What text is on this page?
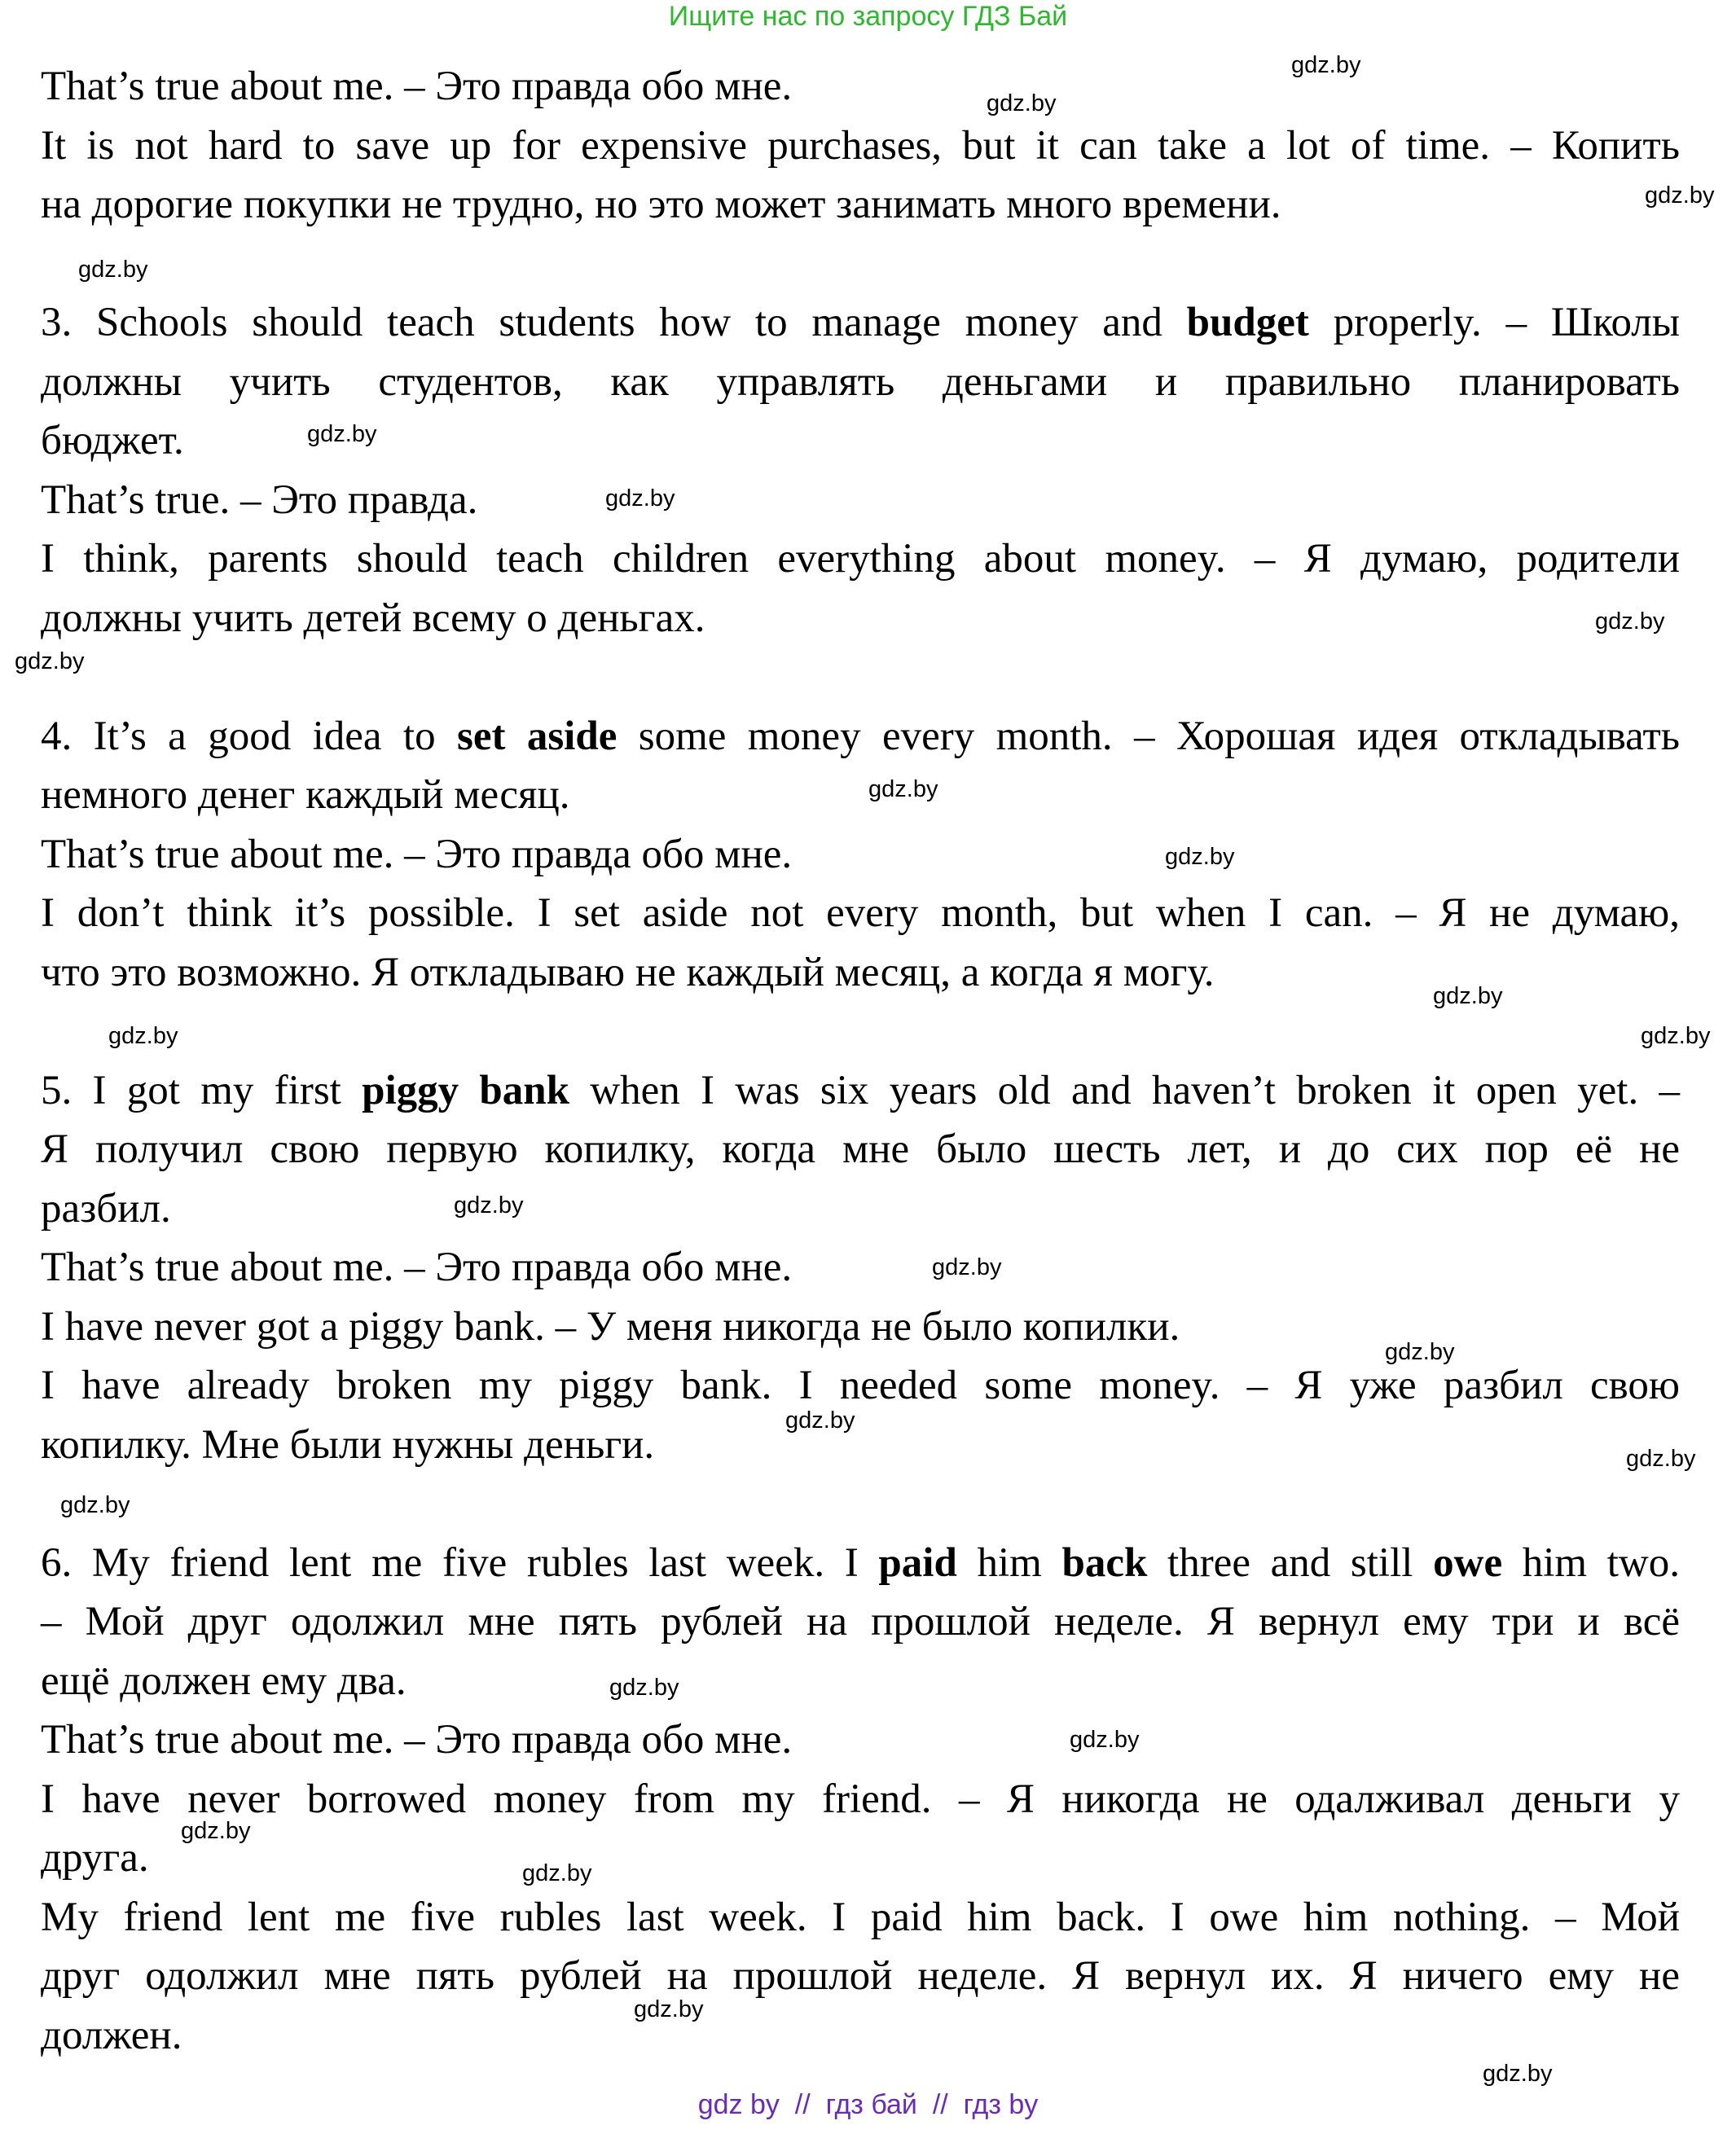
Ищите нас по запросу ГДЗ Бай
That’s true about me. – Это правда обо мне.
It is not hard to save up for expensive purchases, but it can take a lot of time. – Копить
на дорогие покупки не трудно, но это может занимать много времени.
3. Schools should teach students how to manage money and budget properly. – Школы
должны учить студентов, как управлять деньгами и правильно планировать
бюджет.
That’s true. – Это правда.
I think, parents should teach children everything about money. – Я думаю, родители
должны учить детей всему о деньгах.
4. It’s a good idea to set aside some money every month. – Хорошая идея откладывать
немного денег каждый месяц.
That’s true about me. – Это правда обо мне.
I don’t think it’s possible. I set aside not every month, but when I can. – Я не думаю,
что это возможно. Я откладываю не каждый месяц, а когда я могу.
5. I got my first piggy bank when I was six years old and haven’t broken it open yet. –
Я получил свою первую копилку, когда мне было шесть лет, и до сих пор её не
разбил.
That’s true about me. – Это правда обо мне.
I have never got a piggy bank. – У меня никогда не было копилки.
I have already broken my piggy bank. I needed some money. – Я уже разбил свою
копилку. Мне были нужны деньги.
6. My friend lent me five rubles last week. I paid him back three and still owe him two.
– Мой друг одолжил мне пять рублей на прошлой неделе. Я вернул ему три и всё
ещё должен ему два.
That’s true about me. – Это правда обо мне.
I have never borrowed money from my friend. – Я никогда не одалживал деньги у
друга.
My friend lent me five rubles last week. I paid him back. I owe him nothing. – Мой
друг одолжил мне пять рублей на прошлой неделе. Я вернул их. Я ничего ему не
должен.
gdz.by
gdz.by
gdz.by
gdz.by
gdz.by
gdz.by
gdz.by
gdz.by
gdz.by
gdz.by
gdz.by
gdz.by	gdz.by
gdz.by
gdz.by
gdz.by
gdz.by
gdz.by
gdz.by
gdz.by
gdz.by
gdz.by
gdz.by
gdz.by
gdz.by
gdz by  //  гдз бай  //  гдз by
